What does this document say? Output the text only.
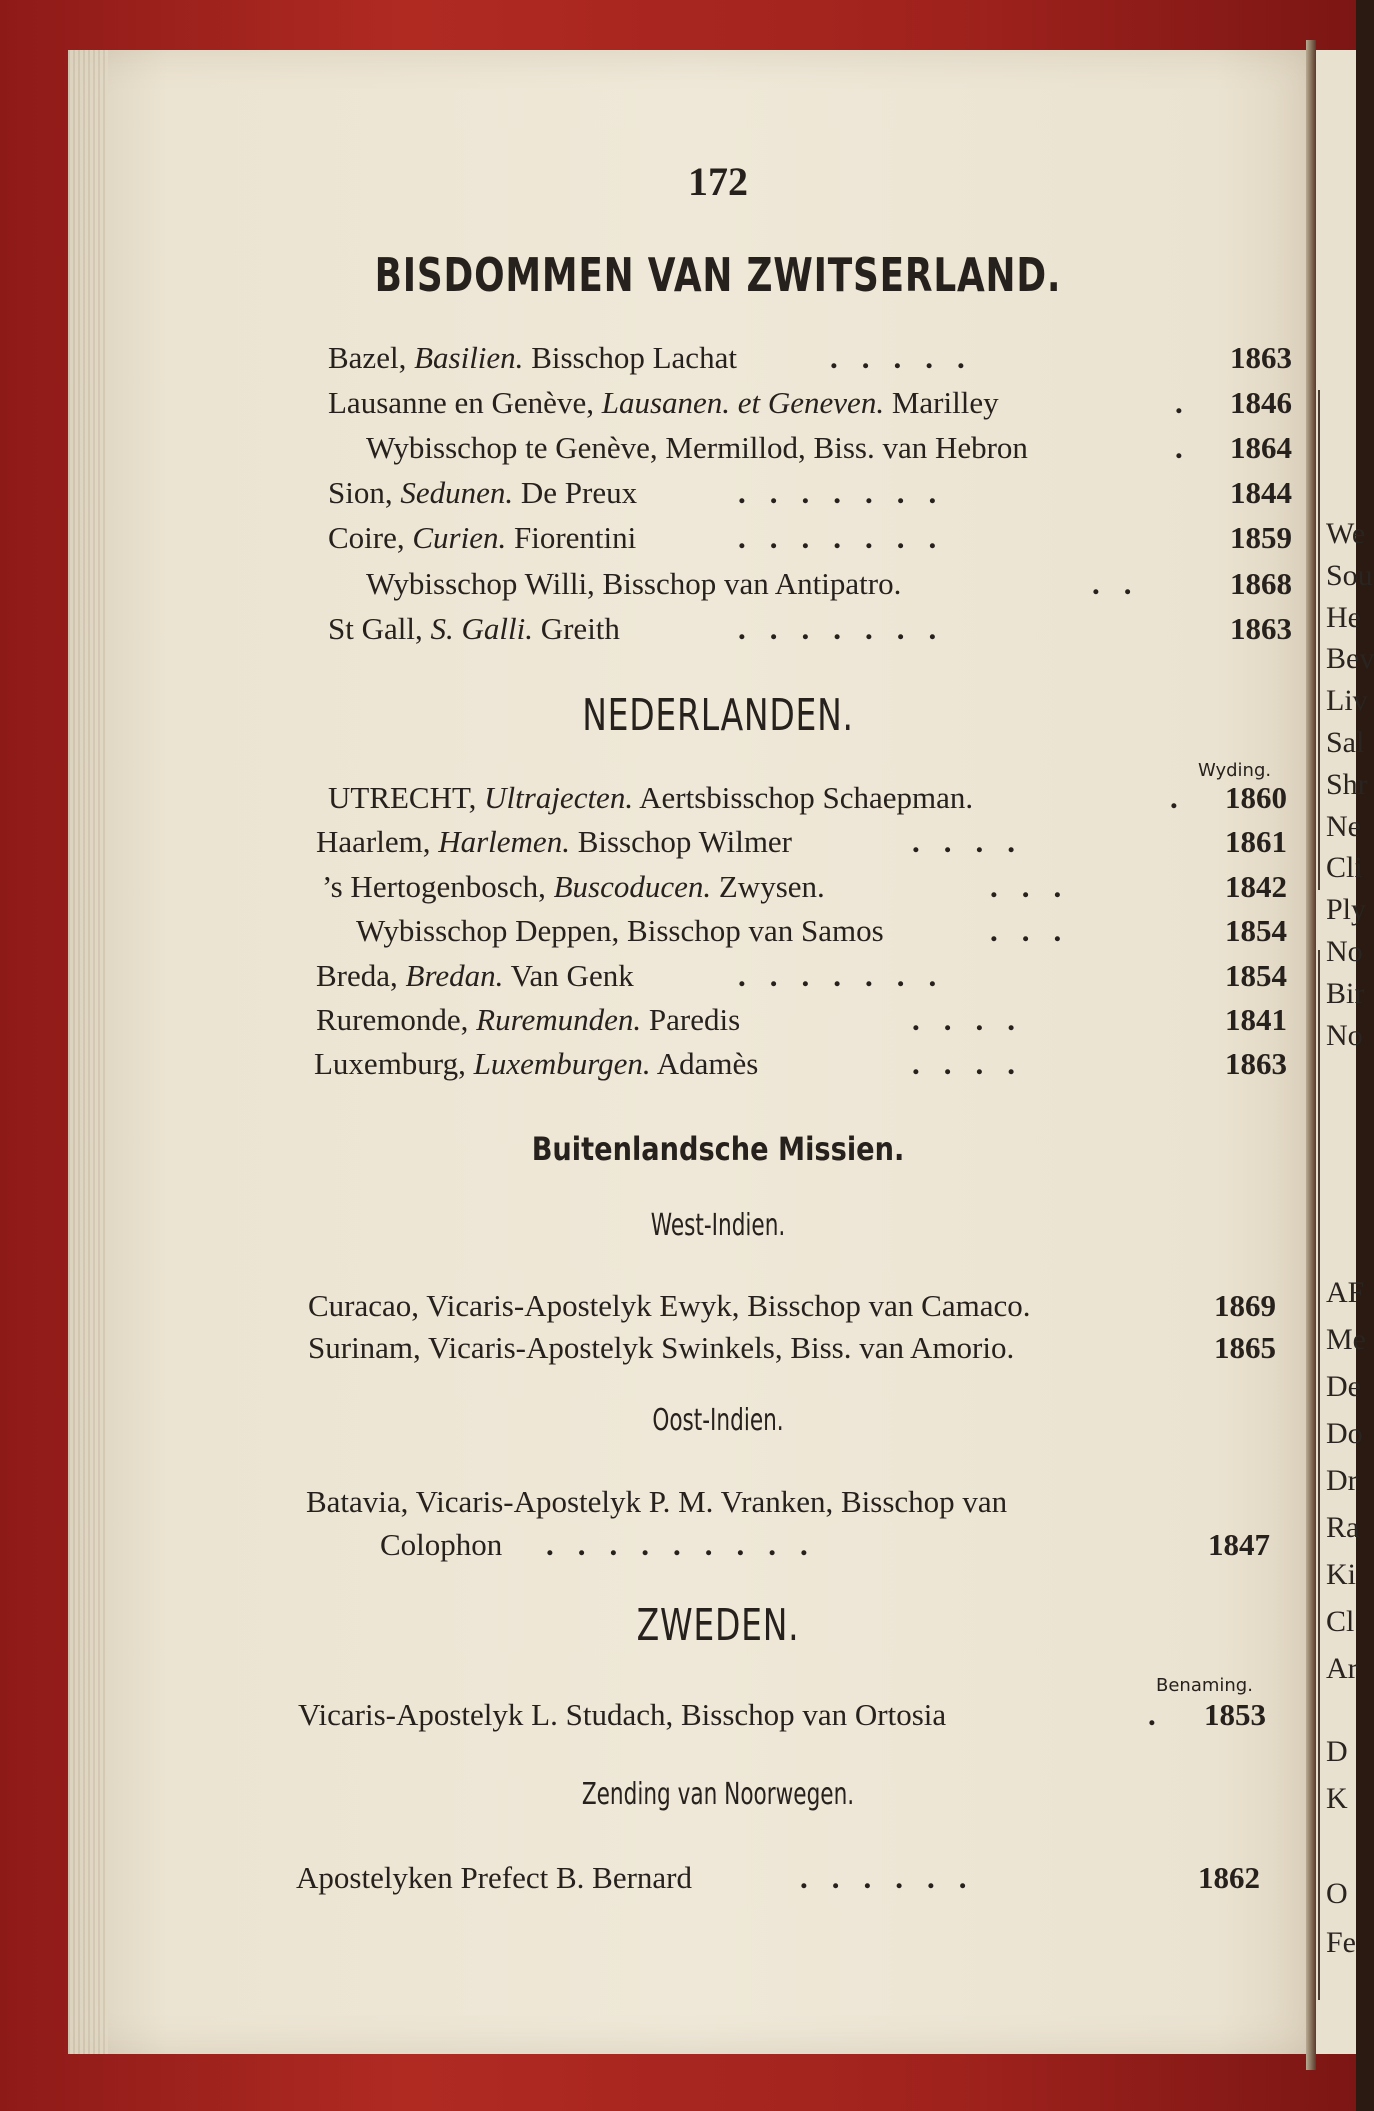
We
Sou
He
Bev
Liv
Sal
Shr
Ne
Cli
Ply
No
Bir
No
AF
Me
De
Do
Dr
Ra
Ki
Cl
Ar
D
K
O
Fe
172
BISDOMMEN VAN ZWITSERLAND.
Bazel, Basilien. Bisschop Lachat	.....	1863
Lausanne en Genève, Lausanen. et Geneven. Marilley	. 1846
Wybisschop te Genève, Mermillod, Biss. van Hebron	. 1864
Sion, Sedunen. De Preux	.......	1844
Coire, Curien. Fiorentini	.......	1859
Wybisschop Willi, Bisschop van Antipatro.	.. 1868
St Gall, S. Galli. Greith	.......	1863
NEDERLANDEN.
Wyding.
UTRECHT, Ultrajecten. Aertsbisschop Schaepman.	. 1860
Haarlem, Harlemen. Bisschop Wilmer	....	1861
’s Hertogenbosch, Buscoducen. Zwysen.	...	1842
Wybisschop Deppen, Bisschop van Samos	...	1854
Breda, Bredan. Van Genk	.......	1854
Ruremonde, Ruremunden. Paredis	....	1841
Luxemburg, Luxemburgen. Adamès	....	1863
Buitenlandsche Missien.
West-Indien.
Curacao, Vicaris-Apostelyk Ewyk, Bisschop van Camaco.	1869
Surinam, Vicaris-Apostelyk Swinkels, Biss. van Amorio.	1865
Oost-Indien.
Batavia, Vicaris-Apostelyk P. M. Vranken, Bisschop van
Colophon .........	1847
ZWEDEN.
Benaming.
Vicaris-Apostelyk L. Studach, Bisschop van Ortosia	. 1853
Zending van Noorwegen.
Apostelyken Prefect B. Bernard	......	1862
